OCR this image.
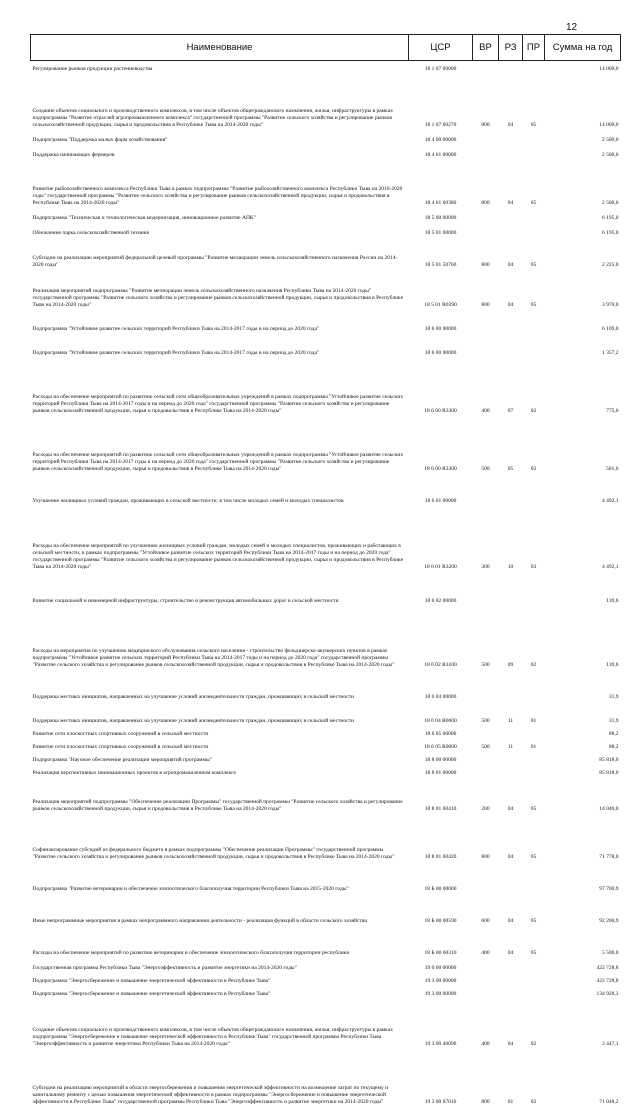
12
Наименование	ЦСР	ВР	РЗ	ПР	Сумма на год
Регулирование рынков продукции растениеводства	18 1 07 00000				14 000,0
Создание объектов социального и производственного комплексов, в том числе объектов общегражданского назначения, жилья, инфраструктуры в рамках подпрограммы "Развитие отраслей агропромышленного комплекса" государственной программы "Развитие сельского хозяйства и регулирование рынков сельскохозяйственной продукции, сырья и продовольствия в Республике Тыва на 2014-2020 годы"	18 1 07 60270	800	04	05	14 000,0
Подпрограмма "Поддержка малых форм хозяйствования"	18 4 00 00000				2 500,0
Поддержка начинающих фермеров	18 4 01 00000				2 500,0
Развитие рыбохозяйственного комплекса Республики Тыва в рамках подпрограммы "Развитие рыбохозяйственного комплекса Республики Тыва на 2016-2020 годы" государственной программы "Развитие сельского хозяйства и регулирование рынков сельскохозяйственной продукции, сырья и продовольствия в Республике Тыва на 2014-2020 годы"	18 4 01 60380	800	04	05	2 500,0
Подпрограмма "Техническая и технологическая модернизация, инновационное развитие АПК"	18 5 00 00000				6 195,0
Обновление парка сельскохозяйственной техники	18 5 01 00000				6 195,0
Субсидии на реализацию мероприятий федеральной целевой программы "Развитие мелиорации земель сельскохозяйственного назначения России на 2014-2020 годы"	18 5 01 50760	800	04	05	2 225,0
Реализация мероприятий подпрограммы "Развитие мелиорации земель сельскохозяйственного назначения Республики Тыва на 2014-2020 годы" государственной программы "Развитие сельского хозяйства и регулирование рынков сельскохозяйственной продукции, сырья и продовольствия в Республике Тыва на 2014-2020 годы"	18 5 01 R0390	800	04	05	3 970,0
Подпрограмма "Устойчивое развитие сельских территорий Республики Тыва на 2014-2017 годы и на период до 2020 года"	18 6 00 00000				6 109,0
Подпрограмма "Устойчивое развитие сельских территорий Республики Тыва на 2014-2017 годы и на период до 2020 года"	18 6 00 00000				1 357,2
Расходы на обеспечение мероприятий по развитию сельской сети общеобразовательных учреждений в рамках подпрограммы "Устойчивое развитие сельских территорий Республики Тыва на 2014-2017 годы и на период до 2020 года" государственной программы "Развитие сельского хозяйства и регулирование рынков сельскохозяйственной продукции, сырья и продовольствия в Республике Тыва на 2014-2020 годы"	18 6 00 R3300	400	07	02	775,6
Расходы на обеспечение мероприятий по развитию сельской сети общеобразовательных учреждений в рамках подпрограммы "Устойчивое развитие сельских территорий Республики Тыва на 2014-2017 годы и на период до 2020 года" государственной программы "Развитие сельского хозяйства и регулирование рынков сельскохозяйственной продукции, сырья и продовольствия в Республике Тыва на 2014-2020 годы"	18 6 00 R3300	500	05	02	581,6
Улучшение жилищных условий граждан, проживающих в сельской местности, в том числе молодых семей и молодых специалистов	18 6 01 00000				4 492,1
Расходы на обеспечение мероприятий по улучшению жилищных условий граждан, молодых семей и молодых специалистов, проживающих и работающих в сельской местности, в рамках подпрограммы "Устойчивое развитие сельских территорий Республики Тыва на 2014-2017 годы и на период до 2020 года" государственной программы "Развитие сельского хозяйства и регулирование рынков сельскохозяйственной продукции, сырья и продовольствия в Республике Тыва на 2014-2020 годы"	18 6 01 R3200	300	10	03	4 492,1
Развитие социальной и инженерной инфраструктуры, строительство и реконструкция автомобильных дорог в сельской местности	18 6 02 00000				139,6
Расходы на мероприятия по улучшению медицинского обслуживания сельского населения - строительство фельдшерско-акушерских пунктов в рамках подпрограммы "Устойчивое развитие сельских территорий Республики Тыва на 2014-2017 годы и на период до 2020 года" государственной программы "Развитие сельского хозяйства и регулирование рынков сельскохозяйственной продукции, сырья и продовольствия в Республике Тыва на 2014-2020 годы"	18 6 02 R3100	500	09	02	139,6
Поддержка местных инициатив, направленных на улучшение условий жизнедеятельности граждан, проживающих в сельской местности	18 6 04 00000				31,9
Поддержка местных инициатив, направленных на улучшение условий жизнедеятельности граждан, проживающих в сельской местности	18 6 04 R0000	500	11	01	31,9
Развитие сети плоскостных спортивных сооружений в сельской местности	18 6 05 00000				88,2
Развитие сети плоскостных спортивных сооружений в сельской местности	18 6 05 R0000	500	11	01	88,2
Подпрограмма "Научное обеспечение реализации мероприятий программы"	18 8 00 00000				85 818,0
Реализация перспективных инновационных проектов в агропромышленном комплексе	18 8 01 00000				85 818,0
Реализация мероприятий подпрограммы "Обеспечение реализации Программы" государственной программы "Развитие сельского хозяйства и регулирование рынков сельскохозяйственной продукции, сырья и продовольствия в Республике Тыва на 2014-2020 годы"	18 8 01 60410	200	04	05	14 040,0
Софинансирование субсидий из федерального бюджета в рамках подпрограммы "Обеспечение реализации Программы" государственной программы "Развитие сельского хозяйства и регулирование рынков сельскохозяйственной продукции, сырья и продовольствия в Республике Тыва на 2014-2020 годы"	18 8 01 60420	800	04	05	71 778,0
Подпрограмма "Развитие ветеринарии и обеспечение эпизоотического благополучия территории Республики Тыва на 2015-2020 годы"	18 Б 00 00000				97 700,9
Иные непрограммные мероприятия в рамках непрограммного направления деятельности - реализация функций в области сельского хозяйства	18 Б 00 00590	600	04	05	92 200,9
Расходы на обеспечение мероприятий по развитию ветеринарии и обеспечение эпизоотического благополучия территории республики	18 Б 00 60310	400	04	05	5 500,0
Государственная программа Республики Тыва "Энергоэффективность и развитие энергетики на 2014-2020 годы"	19 0 00 00000				422 728,8
Подпрограмма "Энергосбережение и повышение энергетической эффективности в Республике Тыва"	19 3 00 00000				422 728,8
Подпрограмма "Энергосбережение и повышение энергетической эффективности в Республике Тыва"	19 3 00 00000				134 928,3
Создание объектов социального и производственного комплексов, в том числе объектов общегражданского назначения, жилья, инфраструктуры в рамках подпрограммы "Энергосбережение и повышение энергетической эффективности в Республике Тыва" государственной программы Республики Тыва "Энергоэффективность и развитие энергетики Республики Тыва на 2014-2020 годы"	19 3 00 40090	400	04	02	3 447,1
Субсидии на реализацию мероприятий в области энергосбережения и повышения энергетической эффективности на возмещение затрат по текущему и капитальному ремонту с целью повышения энергетической эффективности в рамках подпрограммы "Энергосбережение и повышение энергетической эффективности в Республике Тыва" государственной программы Республики Тыва "Энергоэффективность и развитие энергетики на 2014-2020 годы"	19 3 00 67010	800	01	02	71 048,2
